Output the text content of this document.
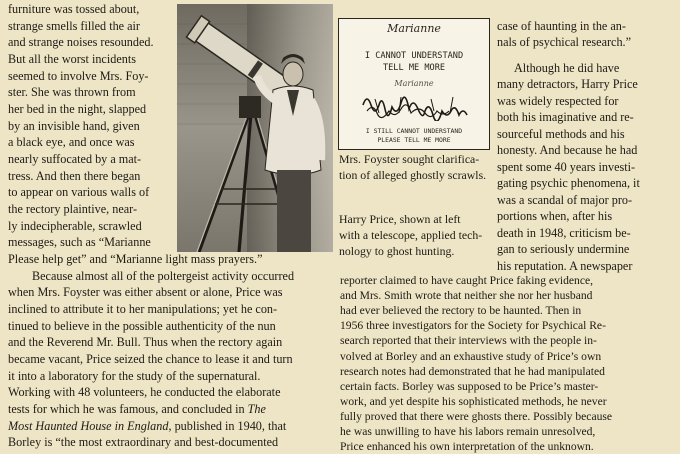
furniture was tossed about,
strange smells filled the air
and strange noises resounded.
But all the worst incidents
seemed to involve Mrs. Foy-
ster. She was thrown from
her bed in the night, slapped
by an invisible hand, given
a black eye, and once was
nearly suffocated by a mat-
tress. And then there began
to appear on various walls of
the rectory plaintive, near-
ly indecipherable, scrawled
messages, such as “Marianne
Please help get” and “Marianne light mass prayers.”
Because almost all of the poltergeist activity occurred
when Mrs. Foyster was either absent or alone, Price was
inclined to attribute it to her manipulations; yet he con-
tinued to believe in the possible authenticity of the nun
and the Reverend Mr. Bull. Thus when the rectory again
became vacant, Price seized the chance to lease it and turn
it into a laboratory for the study of the supernatural.
Working with 48 volunteers, he conducted the elaborate
tests for which he was famous, and concluded in The
Most Haunted House in England, published in 1940, that
Borley is “the most extraordinary and best-documented
Marianne
I CANNOT UNDERSTAND
TELL ME MORE
Marianne
I STILL CANNOT UNDERSTAND
PLEASE TELL ME MORE
Mrs. Foyster sought clarifica-
tion of alleged ghostly scrawls.
Harry Price, shown at left
with a telescope, applied tech-
nology to ghost hunting.
case of haunting in the an-
nals of psychical research.”
Although he did have
many detractors, Harry Price
was widely respected for
both his imaginative and re-
sourceful methods and his
honesty. And because he had
spent some 40 years investi-
gating psychic phenomena, it
was a scandal of major pro-
portions when, after his
death in 1948, criticism be-
gan to seriously undermine
his reputation. A newspaper
reporter claimed to have caught Price faking evidence,
and Mrs. Smith wrote that neither she nor her husband
had ever believed the rectory to be haunted. Then in
1956 three investigators for the Society for Psychical Re-
search reported that their interviews with the people in-
volved at Borley and an exhaustive study of Price’s own
research notes had demonstrated that he had manipulated
certain facts. Borley was supposed to be Price’s master-
work, and yet despite his sophisticated methods, he never
fully proved that there were ghosts there. Possibly because
he was unwilling to have his labors remain unresolved,
Price enhanced his own interpretation of the unknown.
